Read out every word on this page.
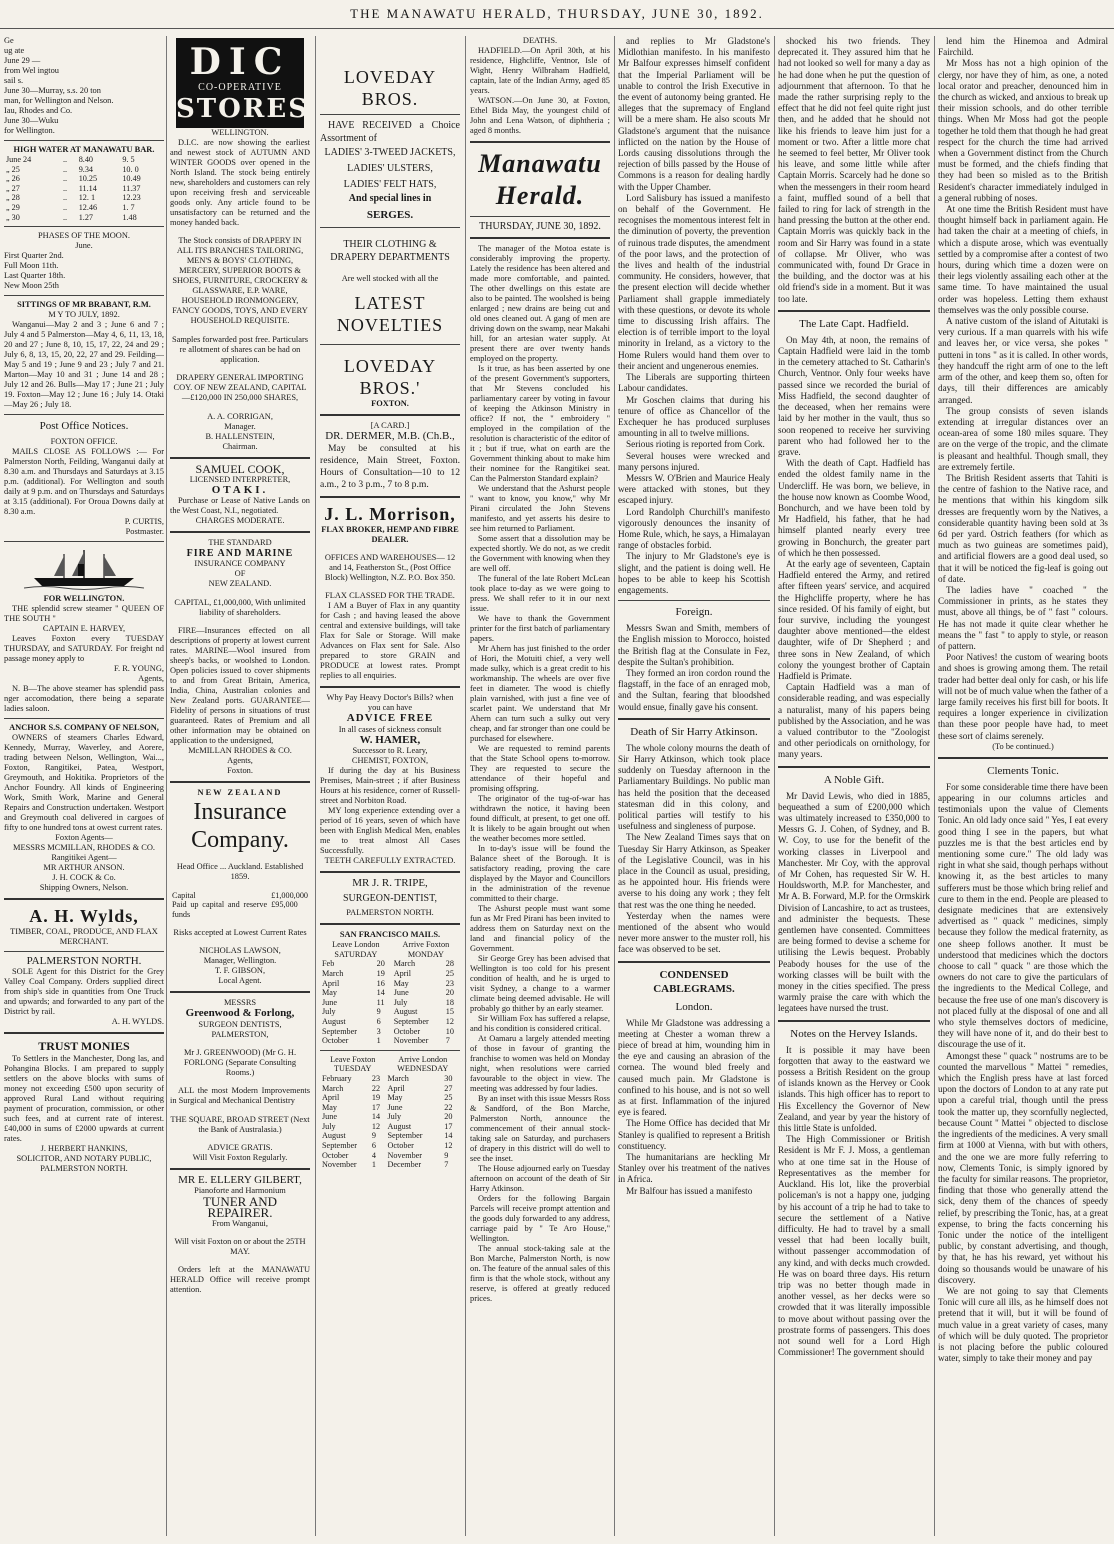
THE MANAWATU HERALD, THURSDAY, JUNE 30, 1892.
Ge
ug ate
June 29 —
from Wel ingtou
sail s.
June 30—Murray, s.s. 20 ton
man, for Wellington and Nelson.
Iau, Rhodes and Co.
June 30—Wuku
for Wellington.
HIGH WATER AT MANAWATU BAR.
June 24	..	8.40	9. 5
„ 25	..	9.34	10. 0
„ 26	..	10.25	10.49
„ 27	..	11.14	11.37
„ 28	..	12. 1	12.23
„ 29	..	12.46	1. 7
„ 30	..	1.27	1.48
PHASES OF THE MOON.
June.
First Quarter 2nd.
Full Moon 11th.
Last Quarter 18th.
New Moon 25th
SITTINGS OF MR BRABANT, R.M.
M Y TO JULY, 1892.

Wanganui—May 2 and 3 ; June 6 and 7 ; July 4 and 5 Palmerston—May 4, 6, 11, 13, 18, 20 and 27 ; June 8, 10, 15, 17, 22, 24 and 29 ; July 6, 8, 13, 15, 20, 22, 27 and 29. Feilding—May 5 and 19 ; June 9 and 23 ; July 7 and 21. Marton—May 10 and 31 ; June 14 and 28 ; July 12 and 26. Bulls—May 17 ; June 21 ; July 19. Foxton—May 12 ; June 16 ; July 14. Otaki—May 26 ; July 18.

Post Office Notices.
FOXTON OFFICE.

MAILS CLOSE AS FOLLOWS :— For Palmerston North, Feilding, Wanganui daily at 8.30 a.m. and Thursdays and Saturdays at 3.15 p.m. (additional). For Wellington and south daily at 9 p.m. and on Thursdays and Saturdays at 3.15 (additional). For Oroua Downs daily at 8.30 a.m.

P. CURTIS,
Postmaster.
FOR WELLINGTON.

THE splendid screw steamer " QUEEN OF THE SOUTH "

CAPTAIN E. HARVEY,

Leaves Foxton every TUESDAY THURSDAY, and SATURDAY. For freight nd passage money apply to

F. R. YOUNG,
Agents,

N. B—The above steamer has splendid pass nger accomodation, there being a separate ladies saloon.

ANCHOR S.S. COMPANY OF NELSON,

OWNERS of steamers Charles Edward, Kennedy, Murray, Waverley, and Aorere, trading between Nelson, Wellington, Wai..., Foxton, Rangitikei, Patea, Westport, Greymouth, and Hokitika. Proprietors of the Anchor Foundry. All kinds of Engineering Work, Smith Work, Marine and General Repairs and Construction undertaken. Westport and Greymouth coal delivered in cargoes of fifty to one hundred tons at owest current rates.

Foxton Agents—
MESSRS MCMILLAN, RHODES & CO.
Rangitikei Agent—
MR ARTHUR ANSON.
J. H. COCK & Co.
Shipping Owners, Nelson.
A. H. Wylds,
TIMBER, COAL, PRODUCE, AND FLAX MERCHANT.
PALMERSTON NORTH.

SOLE Agent for this District for the Grey Valley Coal Company. Orders supplied direct from ship's side in quantities from One Truck and upwards; and forwarded to any part of the District by rail.

A. H. WYLDS.
TRUST MONIES

To Settlers in the Manchester, Dong las, and Pohangina Blocks. I am prepared to supply settlers on the above blocks with sums of money not exceeding £500 upon security of approved Rural Land without requiring payment of procuration, commission, or other such fees, and at current rate of interest. £40,000 in sums of £2000 upwards at current rates.

J. HERBERT HANKINS,
SOLICITOR, AND NOTARY PUBLIC,
PALMERSTON NORTH.
DIC
CO-OPERATIVE
STORES
WELLINGTON.

D.I.C. are now showing the earliest and newest stock of AUTUMN AND WINTER GOODS over opened in the North Island. The stock being entirely new, shareholders and customers can rely upon receiving fresh and serviceable goods only. Any article found to be unsatisfactory can be returned and the money handed back.

The Stock consists of DRAPERY IN ALL ITS BRANCHES TAILORING, MEN'S & BOYS' CLOTHING, MERCERY, SUPERIOR BOOTS & SHOES, FURNITURE, CROCKERY & GLASSWARE, E.P. WARE, HOUSEHOLD IRONMONGERY, FANCY GOODS, TOYS, AND EVERY HOUSEHOLD REQUISITE.

Samples forwarded post free. Particulars re allotment of shares can be had on application.

DRAPERY GENERAL IMPORTING COY. OF NEW ZEALAND, CAPITAL—£120,000 IN 250,000 SHARES,

A. A. CORRIGAN,
Manager.
B. HALLENSTEIN,
Chairman.
SAMUEL COOK,
LICENSED INTERPRETER,
OTAKI.

Purchase or Lease of Native Lands on the West Coast, N.I., negotiated.

CHARGES MODERATE.
THE STANDARD
FIRE AND MARINE
INSURANCE COMPANY
OF
NEW ZEALAND.

CAPITAL, £1,000,000, With unlimited liability of shareholders.

FIRE—Insurances effected on all descriptions of property at lowest current rates. MARINE—Wool insured from sheep's backs, or woolshed to London. Open policies issued to cover shipments to and from Great Britain, America, India, China, Australian colonies and New Zealand ports. GUARANTEE—Fidelity of persons in situations of trust guaranteed. Rates of Premium and all other information may be obtained on application to the undersigned,

McMILLAN RHODES & CO.
Agents,
Foxton.
NEW ZEALAND
Insurance Company.

Head Office ... Auckland. Established 1859.

Capital	£1,000,000
Paid up capital and reserve funds	£95,000

Risks accepted at Lowest Current Rates

NICHOLAS LAWSON,
Manager, Wellington.
T. F. GIBSON,
Local Agent.
MESSRS
Greenwood & Forlong,
SURGEON DENTISTS, PALMERSTON,

Mr J. GREENWOOD) (Mr G. H. FORLONG (Separate Consulting Rooms.)

ALL the most Modern Improvements in Surgical and Mechanical Dentistry

THE SQUARE, BROAD STREET (Next the Bank of Australasia.)

ADVICE GRATIS.
Will Visit Foxton Regularly.
MR E. ELLERY GILBERT,
Pianoforte and Harmonium
TUNER AND REPAIRER.
From Wanganui,

Will visit Foxton on or about the 25TH MAY.

Orders left at the MANAWATU HERALD Office will receive prompt attention.

LOVEDAY BROS.

HAVE RECEIVED a Choice Assortment of

LADIES' 3-TWEED JACKETS,
LADIES' ULSTERS,
LADIES' FELT HATS,
And special lines in
SERGES.

THEIR CLOTHING & DRAPERY DEPARTMENTS

Are well stocked with all the
LATEST NOVELTIES
LOVEDAY BROS.'
FOXTON.
[A CARD.]
DR. DERMER, M.B. (Ch.B.,

May be consulted at his residence, Main Street, Foxton. Hours of Consultation—10 to 12 a.m., 2 to 3 p.m., 7 to 8 p.m.

J. L. Morrison,
FLAX BROKER, HEMP AND FIBRE DEALER.

OFFICES AND WAREHOUSES— 12 and 14, Featherston St., (Post Office Block) Wellington, N.Z. P.O. Box 350.

FLAX CLASSED FOR THE TRADE.

I AM a Buyer of Flax in any quantity for Cash ; and having leased the above central and extensive buildings, will take Flax for Sale or Storage. Will make Advances on Flax sent for Sale. Also prepared to store GRAIN and PRODUCE at lowest rates. Prompt replies to all enquiries.

Why Pay Heavy Doctor's Bills? when you can have
ADVICE FREE
In all cases of sickness consult
W. HAMER,
Successor to R. Leary,
CHEMIST, FOXTON,

If during the day at his Business Premises, Main-street ; if after Business Hours at his residence, corner of Russell-street and Norbiton Road.

MY long experience extending over a period of 16 years, seven of which have been with English Medical Men, enables me to treat almost All Cases Successfully.

TEETH CAREFULLY EXTRACTED.
MR J. R. TRIPE,
SURGEON-DENTIST,
PALMERSTON NORTH.
SAN FRANCISCO MAILS.
Leave London SATURDAY		Arrive Foxton MONDAY	
Feb	20	March	28
March	19	April	25
April	16	May	23
May	14	June	20
June	11	July	18
July	9	August	15
August	6	September	12
September	3	October	10
October	1	November	7
Leave Foxton TUESDAY		Arrive London WEDNESDAY	
February	23	March	30
March	22	April	27
April	19	May	25
May	17	June	22
June	14	July	20
July	12	August	17
August	9	September	14
September	6	October	12
October	4	November	9
November	1	December	7
DEATHS.

HADFIELD.—On April 30th, at his residence, Highcliffe, Ventnor, Isle of Wight, Henry Wilbraham Hadfield, captain, late of the Indian Army, aged 85 years.

WATSON.—On June 30, at Foxton, Ethel Bida May, the youngest child of John and Lena Watson, of diphtheria ; aged 8 months.

Manawatu Herald.
THURSDAY, JUNE 30, 1892.

The manager of the Motoa estate is considerably improving the property. Lately the residence has been altered and made more comfortable, and painted. The other dwellings on this estate are also to be painted. The woolshed is being enlarged ; new drains are being cut and old ones cleaned out. A gang of men are driving down on the swamp, near Makahi hill, for an artesian water supply. At present there are over twenty hands employed on the property.

Is it true, as has been asserted by one of the present Government's supporters, that Mr Stevens concluded his parliamentary career by voting in favour of keeping the Atkinson Ministry in office? If not, the " embroidery " employed in the compilation of the resolution is characteristic of the editor of it ; but if true, what on earth are the Government thinking about to make him their nominee for the Rangitikei seat. Can the Palmerston Standard explain?

We understand that the Ashurst people " want to know, you know," why Mr Pirani circulated the John Stevens manifesto, and yet asserts his desire to see him returned to Parliament.

Some assert that a dissolution may be expected shortly. We do not, as we credit the Government with knowing when they are well off.

The funeral of the late Robert McLean took place to-day as we were going to press. We shall refer to it in our next issue.

We have to thank the Government printer for the first batch of parliamentary papers.

Mr Ahern has just finished to the order of Hori, the Motuiti chief, a very well made sulky, which is a great credit to his workmanship. The wheels are over five feet in diameter. The wood is chiefly plain varnished, with just a fine vee of scarlet paint. We understand that Mr Ahern can turn such a sulky out very cheap, and far stronger than one could be purchased for elsewhere.

We are requested to remind parents that the State School opens to-morrow. They are requested to secure the attendance of their hopeful and promising offspring.

The originator of the tug-of-war has withdrawn the notice, it having been found difficult, at present, to get one off. It is likely to be again brought out when the weather becomes more settled.

In to-day's issue will be found the Balance sheet of the Borough. It is satisfactory reading, proving the care displayed by the Mayor and Councillors in the administration of the revenue committed to their charge.

The Ashurst people must want some fun as Mr Fred Pirani has been invited to address them on Saturday next on the land and financial policy of the Government.

Sir George Grey has been advised that Wellington is too cold for his present condition of health, and he is urged to visit Sydney, a change to a warmer climate being deemed advisable. He will probably go thither by an early steamer.

Sir William Fox has suffered a relapse, and his condition is considered critical.

At Oamaru a largely attended meeting of those in favour of granting the franchise to women was held on Monday night, when resolutions were carried favourable to the object in view. The meeting was addressed by four ladies.

By an inset with this issue Messrs Ross & Sandford, of the Bon Marche, Palmerston North, announce the commencement of their annual stock-taking sale on Saturday, and purchasers of drapery in this district will do well to see the inset.

The House adjourned early on Tuesday afternoon on account of the death of Sir Harry Atkinson.

Orders for the following Bargain Parcels will receive prompt attention and the goods duly forwarded to any address, carriage paid by " Te Aro House," Wellington.

The annual stock-taking sale at the Bon Marche, Palmerston North, is now on. The feature of the annual sales of this firm is that the whole stock, without any reserve, is offered at greatly reduced prices.

and replies to Mr Gladstone's Midlothian manifesto. In his manifesto Mr Balfour expresses himself confident that the Imperial Parliament will be unable to control the Irish Executive in the event of autonomy being granted. He alleges that the supremacy of England will be a mere sham. He also scouts Mr Gladstone's argument that the nuisance inflicted on the nation by the House of Lords causing dissolutions through the rejection of bills passed by the House of Commons is a reason for dealing hardly with the Upper Chamber.

Lord Salisbury has issued a manifesto on behalf of the Government. He recognises the momentous interest felt in the diminution of poverty, the prevention of ruinous trade disputes, the amendment of the poor laws, and the protection of the lives and health of the industrial community. He considers, however, that the present election will decide whether Parliament shall grapple immediately with these questions, or devote its whole time to discussing Irish affairs. The election is of terrible import to the loyal minority in Ireland, as a victory to the Home Rulers would hand them over to their ancient and ungenerous enemies.

The Liberals are supporting thirteen Labour candidates.

Mr Goschen claims that during his tenure of office as Chancellor of the Exchequer he has produced surpluses amounting in all to twelve millions.

Serious rioting is reported from Cork.

Several houses were wrecked and many persons injured.

Messrs W. O'Brien and Maurice Healy were attacked with stones, but they escaped injury.

Lord Randolph Churchill's manifesto vigorously denounces the insanity of Home Rule, which, he says, a Himalayan range of obstacles forbid.

The injury to Mr Gladstone's eye is slight, and the patient is doing well. He hopes to be able to keep his Scottish engagements.

Foreign.

Messrs Swan and Smith, members of the English mission to Morocco, hoisted the British flag at the Consulate in Fez, despite the Sultan's prohibition.

They formed an iron cordon round the flagstaff, in the face of an enraged mob, and the Sultan, fearing that bloodshed would ensue, finally gave his consent.

Death of Sir Harry Atkinson.

The whole colony mourns the death of Sir Harry Atkinson, which took place suddenly on Tuesday afternoon in the Parliamentary Buildings. No public man has held the position that the deceased statesman did in this colony, and political parties will testify to his usefulness and singleness of purpose.

The New Zealand Times says that on Tuesday Sir Harry Atkinson, as Speaker of the Legislative Council, was in his place in the Council as usual, presiding, as he appointed hour. His friends were averse to his doing any work ; they felt that rest was the one thing he needed.

Yesterday when the names were mentioned of the absent who would never more answer to the muster roll, his face was observed to be set.

CONDENSED CABLEGRAMS.
London.

While Mr Gladstone was addressing a meeting at Chester a woman threw a piece of bread at him, wounding him in the eye and causing an abrasion of the cornea. The wound bled freely and caused much pain. Mr Gladstone is confined to his house, and is not so well as at first. Inflammation of the injured eye is feared.

The Home Office has decided that Mr Stanley is qualified to represent a British constituency.

The humanitarians are heckling Mr Stanley over his treatment of the natives in Africa.

Mr Balfour has issued a manifesto

shocked his two friends. They deprecated it. They assured him that he had not looked so well for many a day as he had done when he put the question of adjournment that afternoon. To that he made the rather surprising reply to the effect that he did not feel quite right just then, and he added that he should not like his friends to leave him just for a moment or two. After a little more chat he seemed to feel better, Mr Oliver took his leave, and some little while after Captain Morris. Scarcely had he done so when the messengers in their room heard a faint, muffled sound of a bell that failed to ring for lack of strength in the hand pressing the button at the other end. Captain Morris was quickly back in the room and Sir Harry was found in a state of collapse. Mr Oliver, who was communicated with, found Dr Grace in the building, and the doctor was at his old friend's side in a moment. But it was too late.

The Late Capt. Hadfield.

On May 4th, at noon, the remains of Captain Hadfield were laid in the tomb in the cemetery attached to St. Catharin's Church, Ventnor. Only four weeks have passed since we recorded the burial of Miss Hadfield, the second daughter of the deceased, when her remains were laid by her mother in the vault, thus so soon reopened to receive her surviving parent who had followed her to the grave.

With the death of Capt. Hadfield has ended the oldest family name in the Undercliff. He was born, we believe, in the house now known as Coombe Wood, Bonchurch, and we have been told by Mr Hadfield, his father, that he had himself planted nearly every tree growing in Bonchurch, the greater part of which he then possessed.

At the early age of seventeen, Captain Hadfield entered the Army, and retired after fifteen years' service, and acquired the Highcliffe property, where he has since resided. Of his family of eight, but four survive, including the youngest daughter above mentioned—the eldest daughter, wife of Dr Shepherd ; and three sons in New Zealand, of which colony the youngest brother of Captain Hadfield is Primate.

Captain Hadfield was a man of considerable reading, and was especially a naturalist, many of his papers being published by the Association, and he was a valued contributor to the "Zoologist and other periodicals on ornithology, for many years.

A Noble Gift.

Mr David Lewis, who died in 1885, bequeathed a sum of £200,000 which was ultimately increased to £350,000 to Messrs G. J. Cohen, of Sydney, and B. W. Coy, to use for the benefit of the working classes in Liverpool and Manchester. Mr Coy, with the approval of Mr Cohen, has requested Sir W. H. Houldsworth, M.P. for Manchester, and Mr A. B. Forward, M.P. for the Ormskirk Division of Lancashire, to act as trustees, and administer the bequests. These gentlemen have consented. Committees are being formed to devise a scheme for utilising the Lewis bequest. Probably Peabody houses for the use of the working classes will be built with the money in the cities specified. The press warmly praise the care with which the legatees have nursed the trust.

Notes on the Hervey Islands.

It is possible it may have been forgotten that away to the eastward we possess a British Resident on the group of islands known as the Hervey or Cook islands. This high officer has to report to His Excellency the Governor of New Zealand, and year by year the history of this little State is unfolded.

The High Commissioner or British Resident is Mr F. J. Moss, a gentleman who at one time sat in the House of Representatives as the member for Auckland. His lot, like the proverbial policeman's is not a happy one, judging by his account of a trip he had to take to secure the settlement of a Native difficulty. He had to travel by a small vessel that had been locally built, without passenger accommodation of any kind, and with decks much crowded. He was on board three days. His return trip was no better though made in another vessel, as her decks were so crowded that it was literally impossible to move about without passing over the prostrate forms of passengers. This does not sound well for a Lord High Commissioner! The government should

lend him the Hinemoa and Admiral Fairchild.

Mr Moss has not a high opinion of the clergy, nor have they of him, as one, a noted local orator and preacher, denounced him in the church as wicked, and anxious to break up their mission schools, and do other terrible things. When Mr Moss had got the people together he told them that though he had great respect for the church the time had arrived when a Government distinct from the Church must be formed, and the chiefs finding that they had been so misled as to the British Resident's character immediately indulged in a general rubbing of noses.

At one time the British Resident must have thought himself back in parliament again. He had taken the chair at a meeting of chiefs, in which a dispute arose, which was eventually settled by a compromise after a contest of two hours, during which time a dozen were on their legs violently assailing each other at the same time. To have maintained the usual order was hopeless. Letting them exhaust themselves was the only possible course.

A native custom of the island of Aitutaki is very curious. If a man quarrels with his wife and leaves her, or vice versa, she pokes " putteni in tons " as it is called. In other words, they handcuff the right arm of one to the left arm of the other, and keep them so, often for days, till their differences are amicably arranged.

The group consists of seven islands extending at irregular distances over an ocean-area of some 180 miles square. They are on the verge of the tropic, and the climate is pleasant and healthful. Though small, they are extremely fertile.

The British Resident asserts that Tahiti is the centre of fashion to the Native race, and he mentions that within his kingdom silk dresses are frequently worn by the Natives, a considerable quantity having been sold at 3s 6d per yard. Ostrich feathers (for which as much as two guineas are sometimes paid), and artificial flowers are a good deal used, so that it will be noticed the fig-leaf is going out of date.

The ladies have " coached " the Commissioner in prints, as he states they must, above all things, be of " fast " colours. He has not made it quite clear whether he means the " fast " to apply to style, or reason of pattern.

Poor Natives! the custom of wearing boots and shoes is growing among them. The retail trader had better deal only for cash, or his life will not be of much value when the father of a large family receives his first bill for boots. It requires a longer experience in civilization than these poor people have had, to meet these sort of claims serenely.

(To be continued.)
Clements Tonic.

For some considerable time there have been appearing in our columns articles and testimonials upon the value of Clements Tonic. An old lady once said " Yes, I eat every good thing I see in the papers, but what puzzles me is that the best articles end by mentioning some cure." The old lady was right in what she said, though perhaps without knowing it, as the best articles to many sufferers must be those which bring relief and cure to them in the end. People are pleased to designate medicines that are extensively advertised as " quack " medicines, simply because they follow the medical fraternity, as one sheep follows another. It must be understood that medicines which the doctors choose to call " quack " are those which the owners do not care to give the particulars of the ingredients to the Medical College, and because the free use of one man's discovery is not placed fully at the disposal of one and all who style themselves doctors of medicine, they will have none of it, and do their best to discourage the use of it.

Amongst these " quack " nostrums are to be counted the marvellous " Mattei " remedies, which the English press have at last forced upon the doctors of London to at any rate put upon a careful trial, though until the press took the matter up, they scornfully neglected, because Count " Mattei " objected to disclose the ingredients of the medicines. A very small firm at 1000 at Vienna, with but with others, and the one we are more fully referring to now, Clements Tonic, is simply ignored by the faculty for similar reasons. The proprietor, finding that those who generally attend the sick, deny them of the chances of speedy relief, by prescribing the Tonic, has, at a great expense, to bring the facts concerning his Tonic under the notice of the intelligent public, by constant advertising, and though, by that, he has his reward, yet without his doing so thousands would be unaware of his discovery.

We are not going to say that Clements Tonic will cure all ills, as he himself does not pretend that it will, but it will be found of much value in a great variety of cases, many of which will be duly quoted. The proprietor is not placing before the public coloured water, simply to take their money and pay
